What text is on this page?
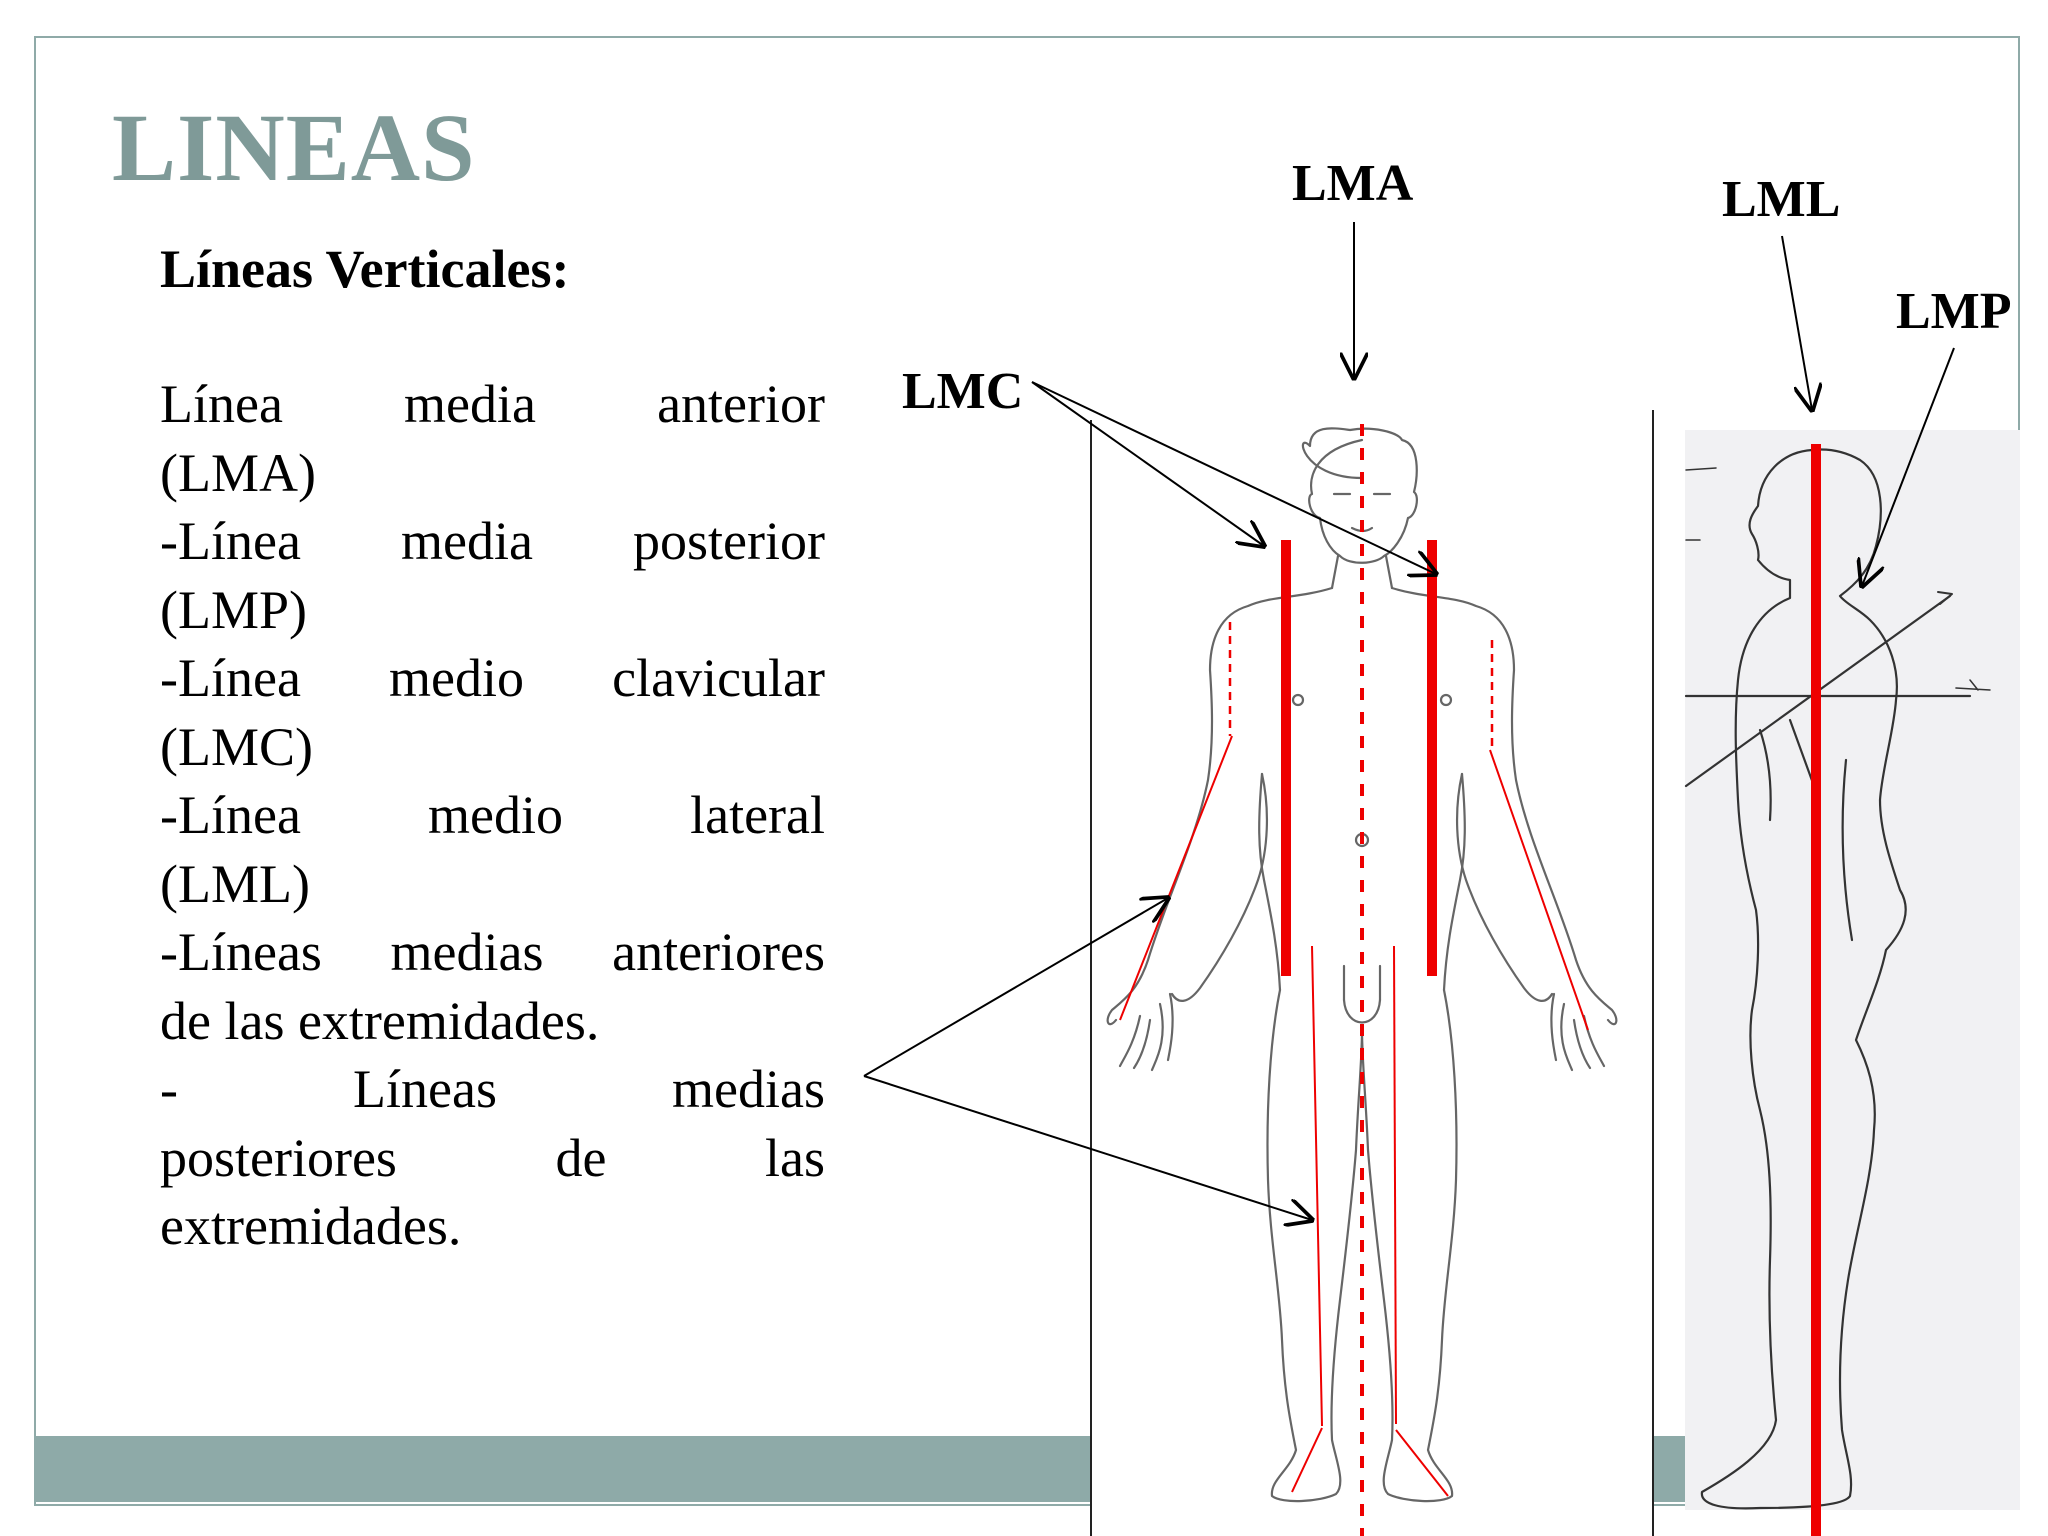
LINEAS
Líneas Verticales:
Línea media anterior
(LMA)
-Línea media posterior
(LMP)
-Línea medio clavicular
(LMC)
-Línea medio lateral
(LML)
-Líneas medias anteriores
de las extremidades.
- Líneas medias
posteriores de las
extremidades.
LMA	LML
LMP
LMC
